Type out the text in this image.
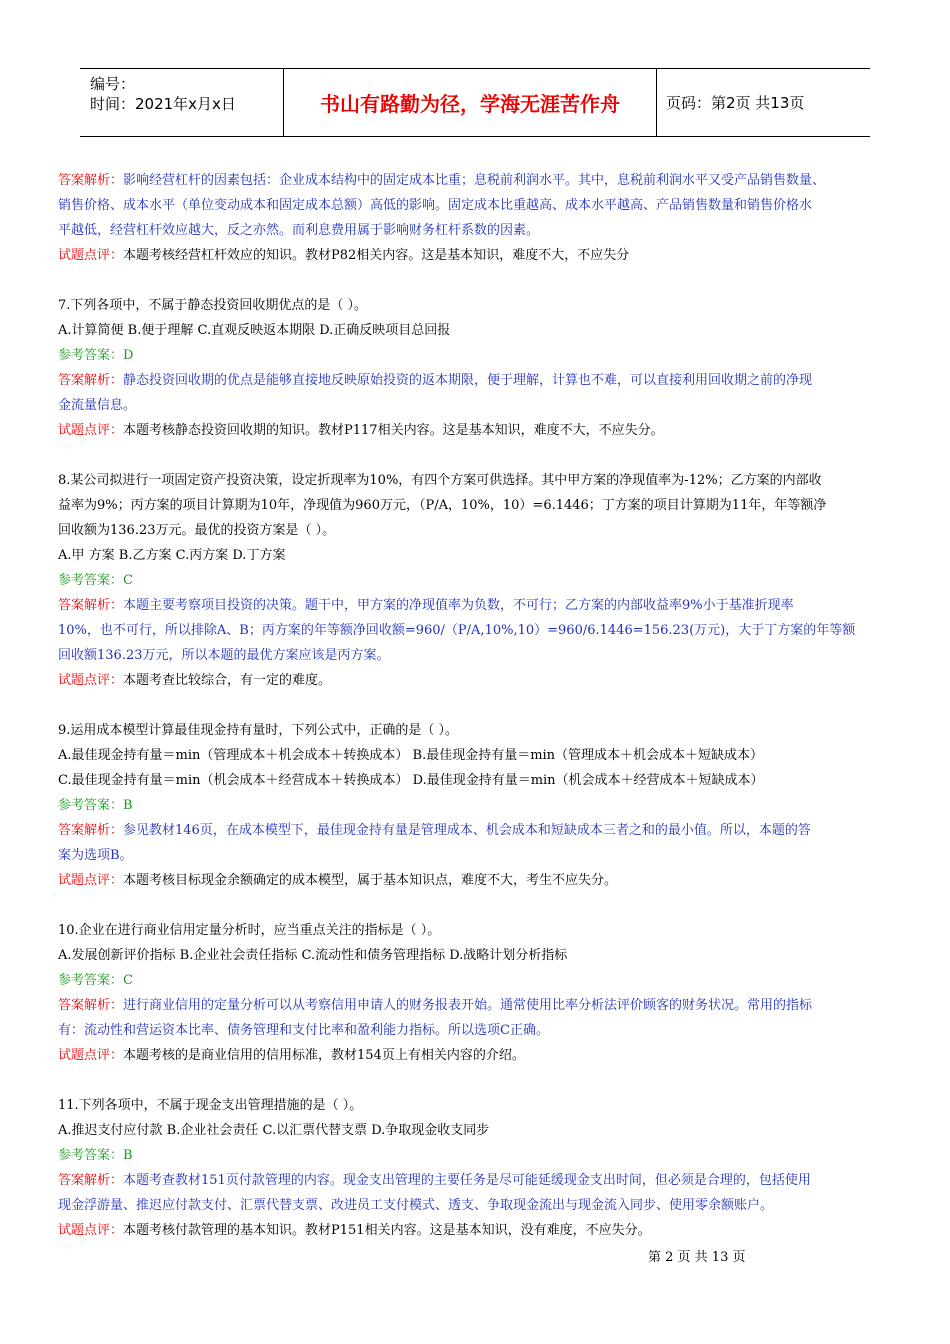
编号：
时间：2021年x月x日	书山有路勤为径，学海无涯苦作舟	页码：第2页 共13页
答案解析：影响经营杠杆的因素包括：企业成本结构中的固定成本比重；息税前利润水平。其中，息税前利润水平又受产品销售数量、
销售价格、成本水平（单位变动成本和固定成本总额）高低的影响。固定成本比重越高、成本水平越高、产品销售数量和销售价格水
平越低，经营杠杆效应越大，反之亦然。而利息费用属于影响财务杠杆系数的因素。
试题点评：本题考核经营杠杆效应的知识。教材P82相关内容。这是基本知识，难度不大，不应失分
7.下列各项中，不属于静态投资回收期优点的是（ ）。
A.计算简便 B.便于理解 C.直观反映返本期限 D.正确反映项目总回报
参考答案：D
答案解析：静态投资回收期的优点是能够直接地反映原始投资的返本期限，便于理解，计算也不难，可以直接利用回收期之前的净现
金流量信息。
试题点评：本题考核静态投资回收期的知识。教材P117相关内容。这是基本知识，难度不大，不应失分。
8.某公司拟进行一项固定资产投资决策，设定折现率为10%，有四个方案可供选择。其中甲方案的净现值率为-12%；乙方案的内部收
益率为9%；丙方案的项目计算期为10年，净现值为960万元，（P/A，10%，10）=6.1446；丁方案的项目计算期为11年，年等额净
回收额为136.23万元。最优的投资方案是（ ）。
A.甲 方案 B.乙方案 C.丙方案 D.丁方案
参考答案：C
答案解析：本题主要考察项目投资的决策。题干中，甲方案的净现值率为负数，不可行；乙方案的内部收益率9%小于基准折现率
10%，也不可行，所以排除A、B；丙方案的年等额净回收额=960/（P/A,10%,10）=960/6.1446=156.23(万元)，大于丁方案的年等额
回收额136.23万元，所以本题的最优方案应该是丙方案。
试题点评：本题考查比较综合，有一定的难度。
9.运用成本模型计算最佳现金持有量时，下列公式中，正确的是（ ）。
A.最佳现金持有量＝min（管理成本＋机会成本＋转换成本） B.最佳现金持有量＝min（管理成本＋机会成本＋短缺成本）
C.最佳现金持有量＝min（机会成本＋经营成本＋转换成本） D.最佳现金持有量＝min（机会成本＋经营成本＋短缺成本）
参考答案：B
答案解析：参见教材146页，在成本模型下，最佳现金持有量是管理成本、机会成本和短缺成本三者之和的最小值。所以，本题的答
案为选项B。
试题点评：本题考核目标现金余额确定的成本模型，属于基本知识点，难度不大，考生不应失分。
10.企业在进行商业信用定量分析时，应当重点关注的指标是（ ）。
A.发展创新评价指标 B.企业社会责任指标 C.流动性和债务管理指标 D.战略计划分析指标
参考答案：C
答案解析：进行商业信用的定量分析可以从考察信用申请人的财务报表开始。通常使用比率分析法评价顾客的财务状况。常用的指标
有：流动性和营运资本比率、债务管理和支付比率和盈利能力指标。所以选项C正确。
试题点评：本题考核的是商业信用的信用标准，教材154页上有相关内容的介绍。
11.下列各项中，不属于现金支出管理措施的是（ ）。
A.推迟支付应付款 B.企业社会责任 C.以汇票代替支票 D.争取现金收支同步
参考答案：B
答案解析：本题考查教材151页付款管理的内容。现金支出管理的主要任务是尽可能延缓现金支出时间，但必须是合理的，包括使用
现金浮游量、推迟应付款支付、汇票代替支票、改进员工支付模式、透支、争取现金流出与现金流入同步、使用零余额账户。
试题点评：本题考核付款管理的基本知识。教材P151相关内容。这是基本知识，没有难度，不应失分。
第 2 页 共 13 页
